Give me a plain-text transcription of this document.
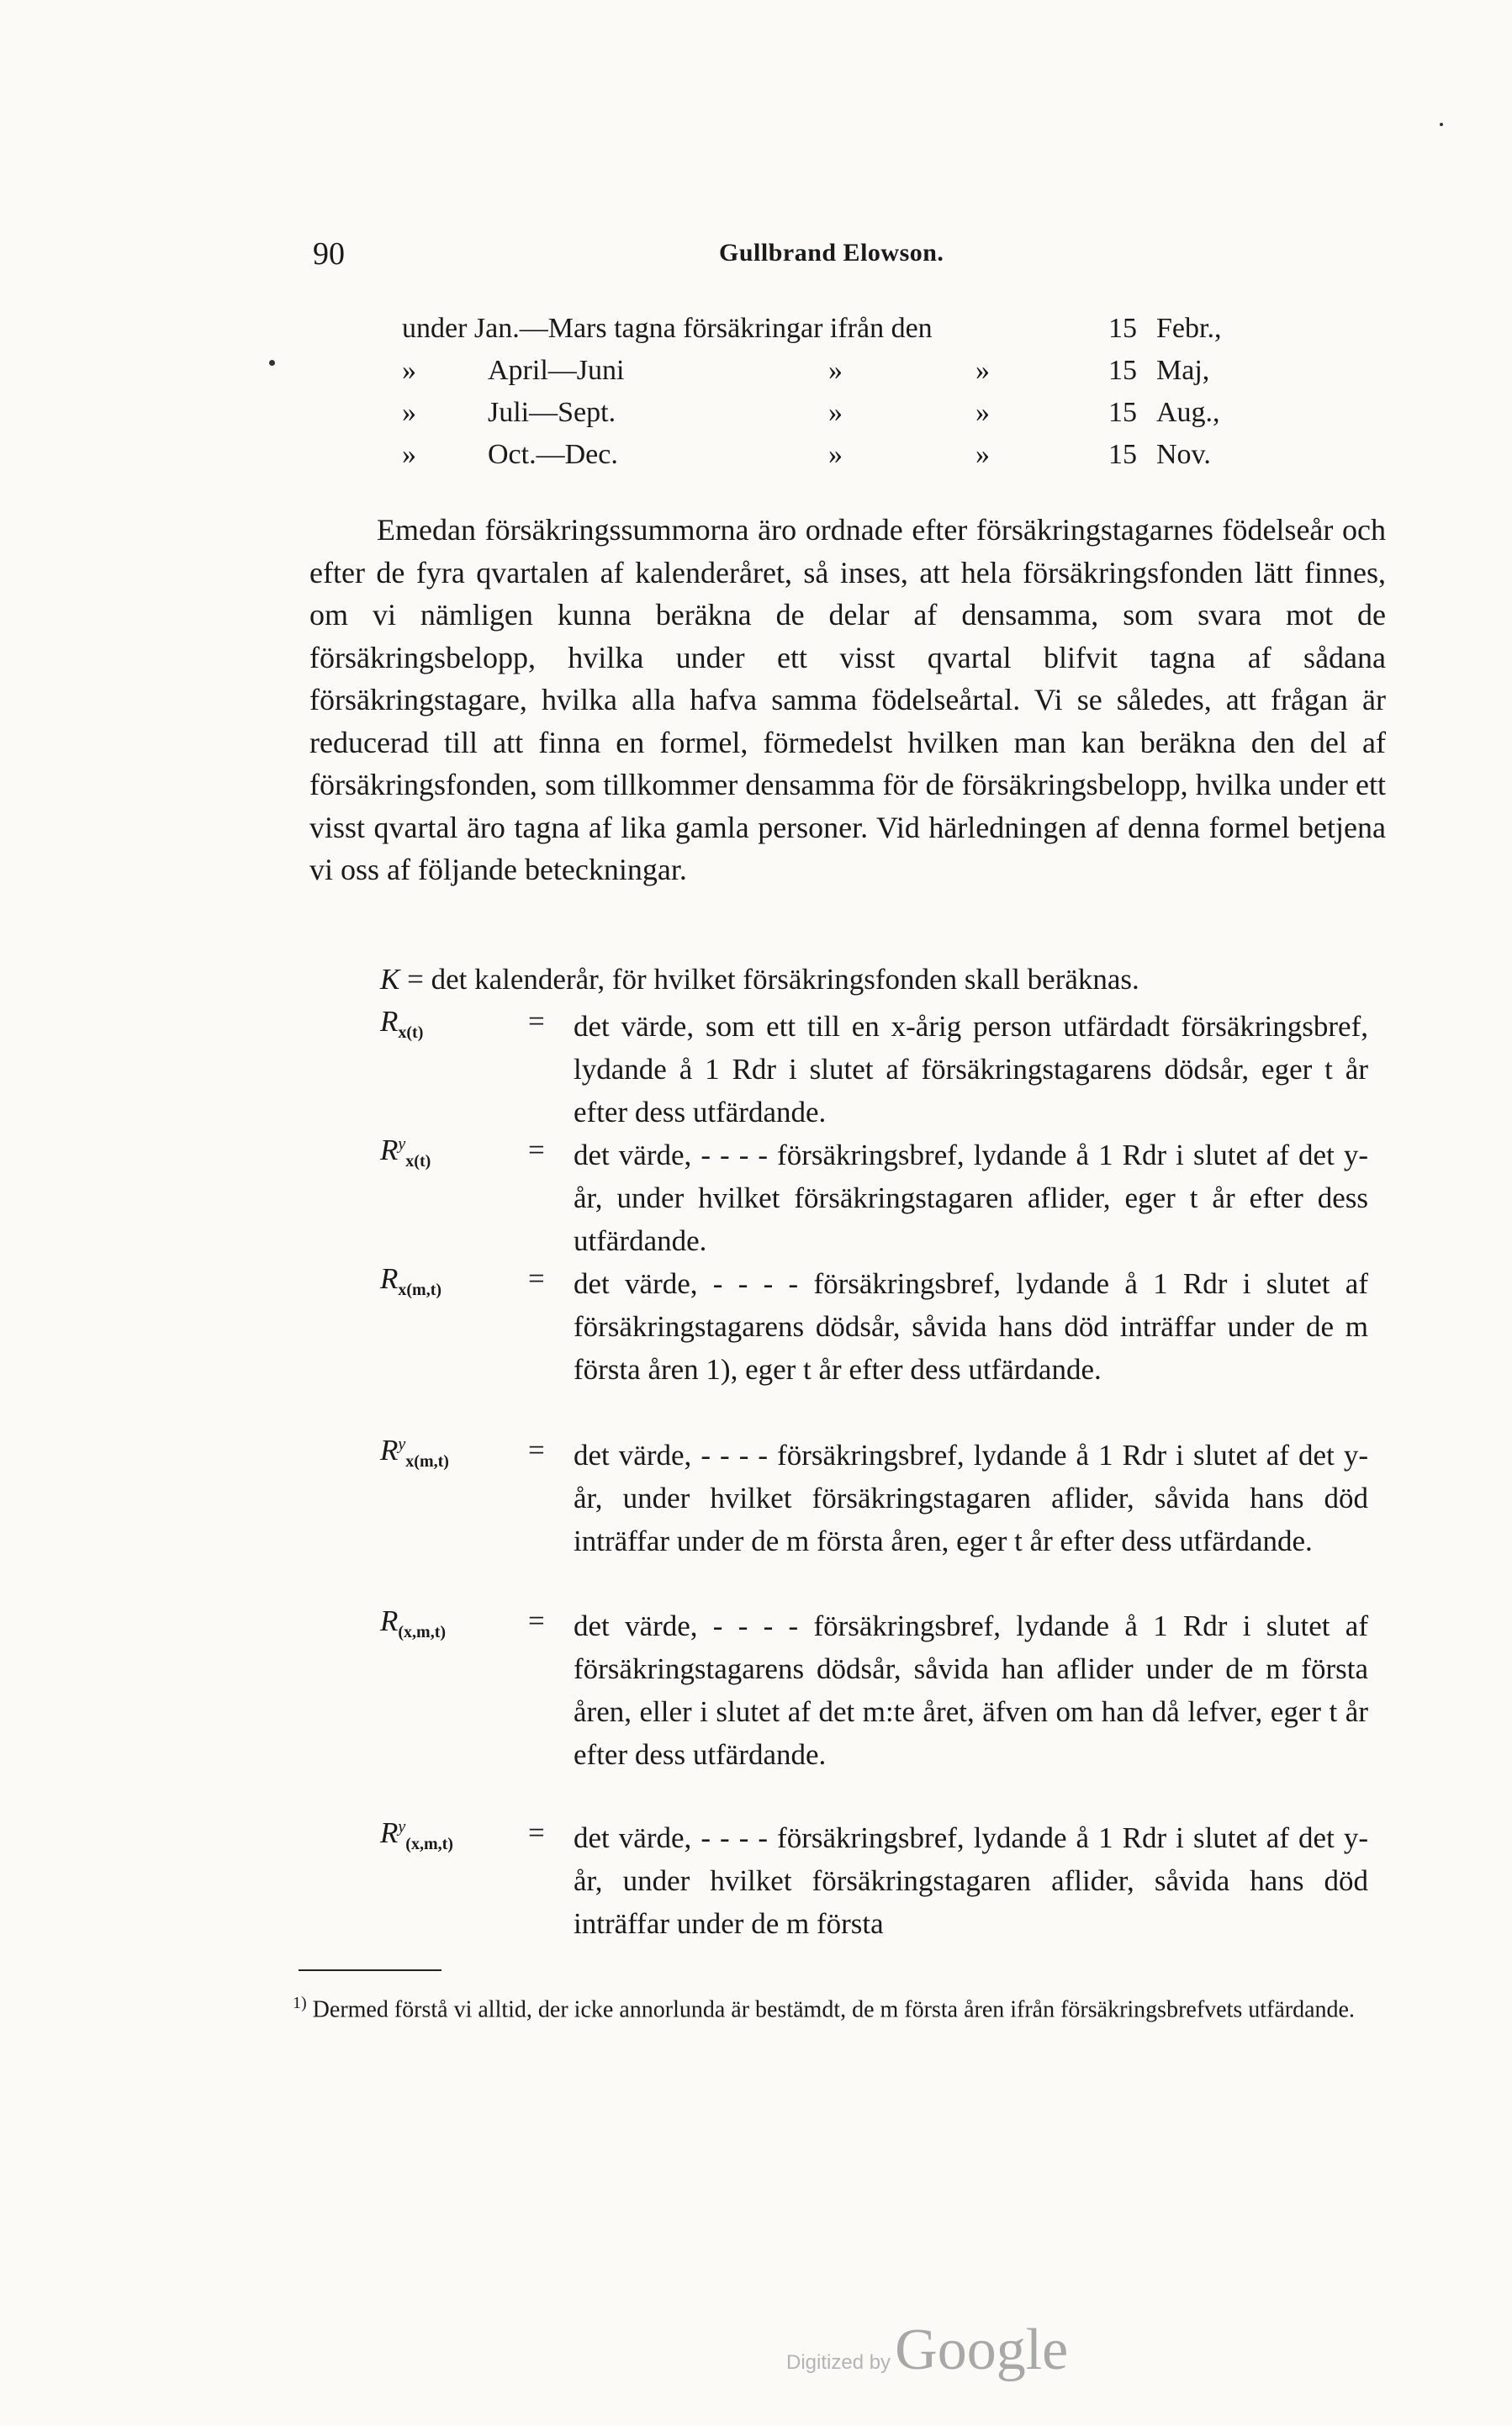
90	Gullbrand Elowson.
under Jan.—Mars tagna försäkringar ifrån den	15 Febr.,
»	April—Juni	»	»	15 Maj,
»	Juli—Sept.	»	»	15 Aug.,
»	Oct.—Dec.	»	»	15 Nov.

Emedan försäkringssummorna äro ordnade efter försäkringstagarnes födelseår och efter de fyra qvartalen af kalenderåret, så inses, att hela försäkringsfonden lätt finnes, om vi nämligen kunna beräkna de delar af densamma, som svara mot de försäkringsbelopp, hvilka under ett visst qvartal blifvit tagna af sådana försäkringstagare, hvilka alla hafva samma födelseårtal. Vi se således, att frågan är reducerad till att finna en formel, förmedelst hvilken man kan beräkna den del af försäkringsfonden, som tillkommer densamma för de försäkringsbelopp, hvilka under ett visst qvartal äro tagna af lika gamla personer. Vid härledningen af denna formel betjena vi oss af följande beteckningar.

K = det kalenderår, för hvilket försäkringsfonden skall beräknas.
$R_{x(t)}$	= det värde, som ett till en x-årig person utfärdadt försäkringsbref, lydande å 1 Rdr i slutet af försäkringstagarens dödsår, eger t år efter dess utfärdande.

$R^y_{x(t)}$	= det värde, - - - - försäkringsbref, lydande å 1 Rdr i slutet af det y-år, under hvilket försäkringstagaren aflider, eger t år efter dess utfärdande.

$R_{x(m,t)}$	= det värde, - - - - försäkringsbref, lydande å 1 Rdr i slutet af försäkringstagarens dödsår, såvida hans död inträffar under de m första åren 1), eger t år efter dess utfärdande.

$R^y_{x(m,t)}$	= det värde, - - - - försäkringsbref, lydande å 1 Rdr i slutet af det y-år, under hvilket försäkringstagaren aflider, såvida hans död inträffar under de m första åren, eger t år efter dess utfärdande.

$R_{(x,m,t)}$	= det värde, - - - - försäkringsbref, lydande å 1 Rdr i slutet af försäkringstagarens dödsår, såvida han aflider under de m första åren, eller i slutet af det m:te året, äfven om han då lefver, eger t år efter dess utfärdande.

$R^y_{(x,m,t)}$	= det värde, - - - - försäkringsbref, lydande å 1 Rdr i slutet af det y-år, under hvilket försäkringstagaren aflider, såvida hans död inträffar under de m första

$^{1)}$ Dermed förstå vi alltid, der icke annorlunda är bestämdt, de m första åren ifrån försäkringsbrefvets utfärdande.

Digitized by Google
